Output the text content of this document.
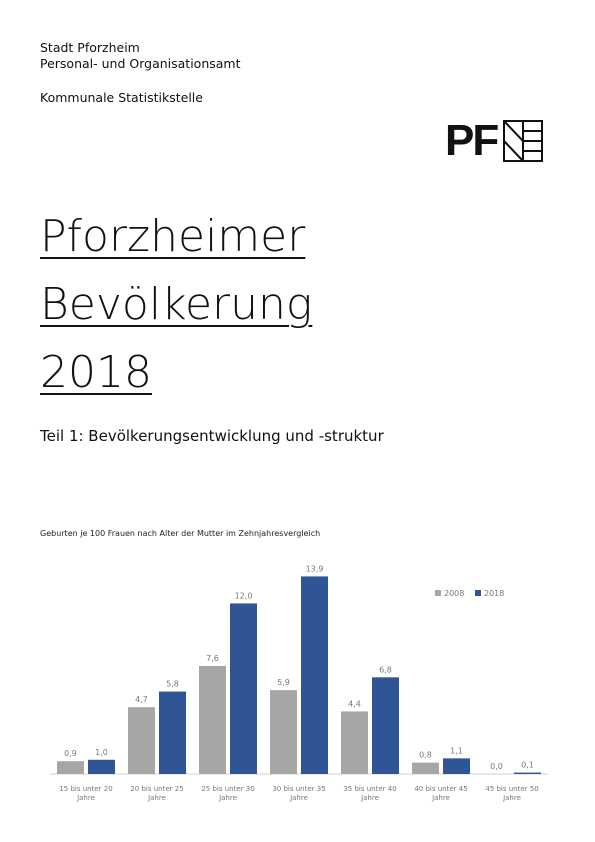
Stadt Pforzheim
Personal- und Organisationsamt
Kommunale Statistikstelle
PF
Pforzheimer
Bevölkerung
2018
Teil 1: Bevölkerungsentwicklung und -struktur
Geburten je 100 Frauen nach Alter der Mutter im Zehnjahresvergleich
0,9 1,0
15 bis unter 20
Jahre
4,7
5,8
20 bis unter 25
Jahre
7,6
12,0
25 bis unter 30
Jahre
5,9
13,9
30 bis unter 35
Jahre
4,4
6,8
35 bis unter 40
Jahre
0,8 1,1
40 bis unter 45
Jahre
0,0 0,1
45 bis unter 50
Jahre
2008 2018
